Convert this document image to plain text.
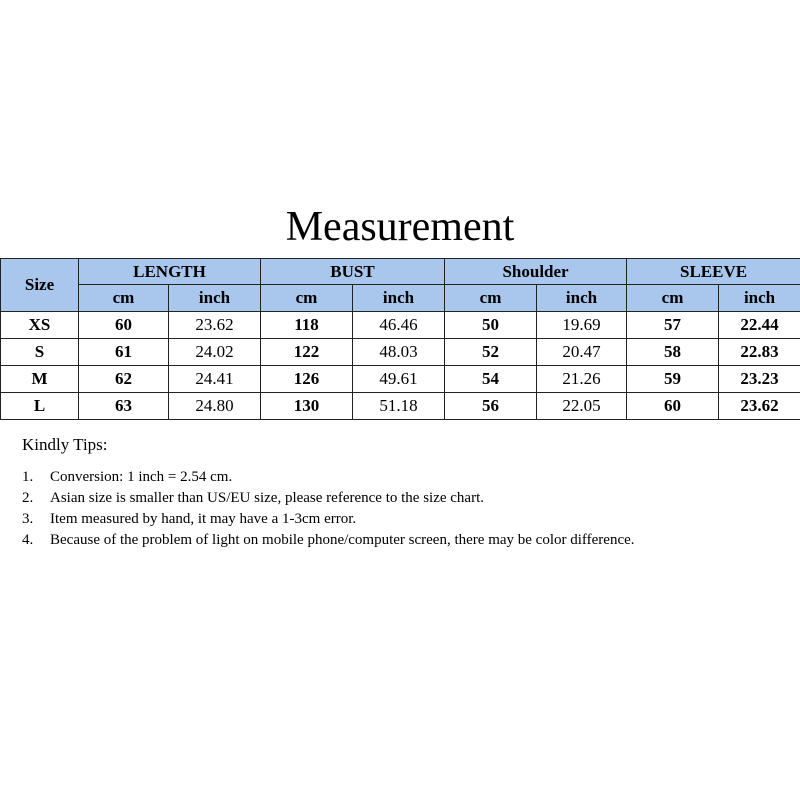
Measurement
Size	LENGTH		BUST		Shoulder		SLEEVE	
	cm	inch	cm	inch	cm	inch	cm	inch
XS	60	23.62	118	46.46	50	19.69	57	22.44
S	61	24.02	122	48.03	52	20.47	58	22.83
M	62	24.41	126	49.61	54	21.26	59	23.23
L	63	24.80	130	51.18	56	22.05	60	23.62
Kindly Tips:
1.	Conversion: 1 inch = 2.54 cm.
2.	Asian size is smaller than US/EU size, please reference to the size chart.
3.	Item measured by hand, it may have a 1-3cm error.
4.	Because of the problem of light on mobile phone/computer screen, there may be color difference.
